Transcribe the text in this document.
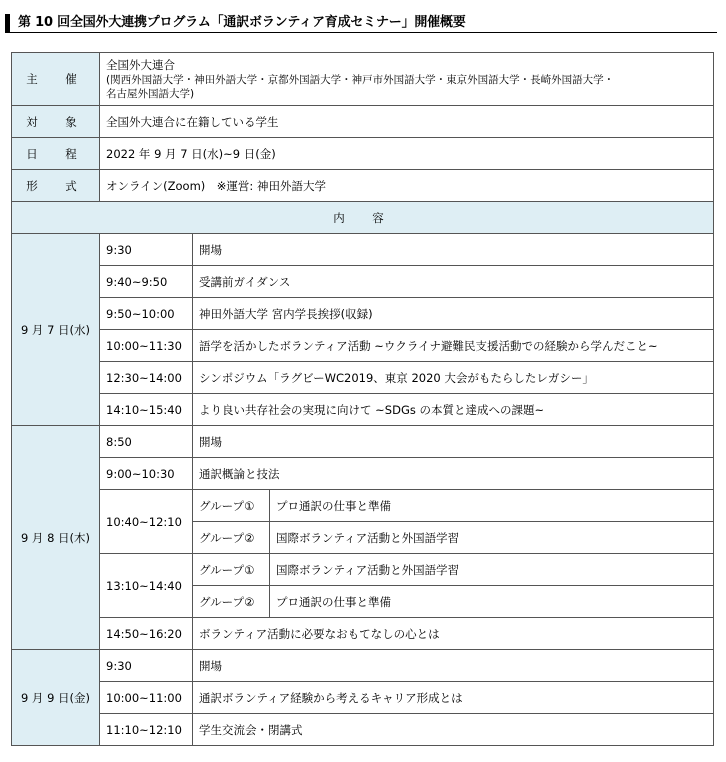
第 10 回全国外大連携プログラム「通訳ボランティア育成セミナー」開催概要
主　催	全国外大連合
(関西外国語大学・神田外語大学・京都外国語大学・神戸市外国語大学・東京外国語大学・長崎外国語大学・
名古屋外国語大学)		

対　象	全国外大連合に在籍している学生		
日　程	2022 年 9 月 7 日(水)~9 日(金)		
形　式	オンライン(Zoom)　※運営: 神田外語大学		
内　容			
9 月 7 日(水)	9:30	開場	
	9:40~9:50	受講前ガイダンス	
	9:50~10:00	神田外語大学 宮内学長挨拶(収録)	
	10:00~11:30	語学を活かしたボランティア活動 ~ウクライナ避難民支援活動での経験から学んだこと~	
	12:30~14:00	シンポジウム「ラグビーWC2019、東京 2020 大会がもたらしたレガシー」	
	14:10~15:40	より良い共存社会の実現に向けて ~SDGs の本質と達成への課題~	
9 月 8 日(木)	8:50	開場	
	9:00~10:30	通訳概論と技法	
	10:40~12:10	グループ①	プロ通訳の仕事と準備
		グループ②	国際ボランティア活動と外国語学習
	13:10~14:40	グループ①	国際ボランティア活動と外国語学習
		グループ②	プロ通訳の仕事と準備
	14:50~16:20	ボランティア活動に必要なおもてなしの心とは	
9 月 9 日(金)	9:30	開場	
	10:00~11:00	通訳ボランティア経験から考えるキャリア形成とは	
	11:10~12:10	学生交流会・閉講式	
